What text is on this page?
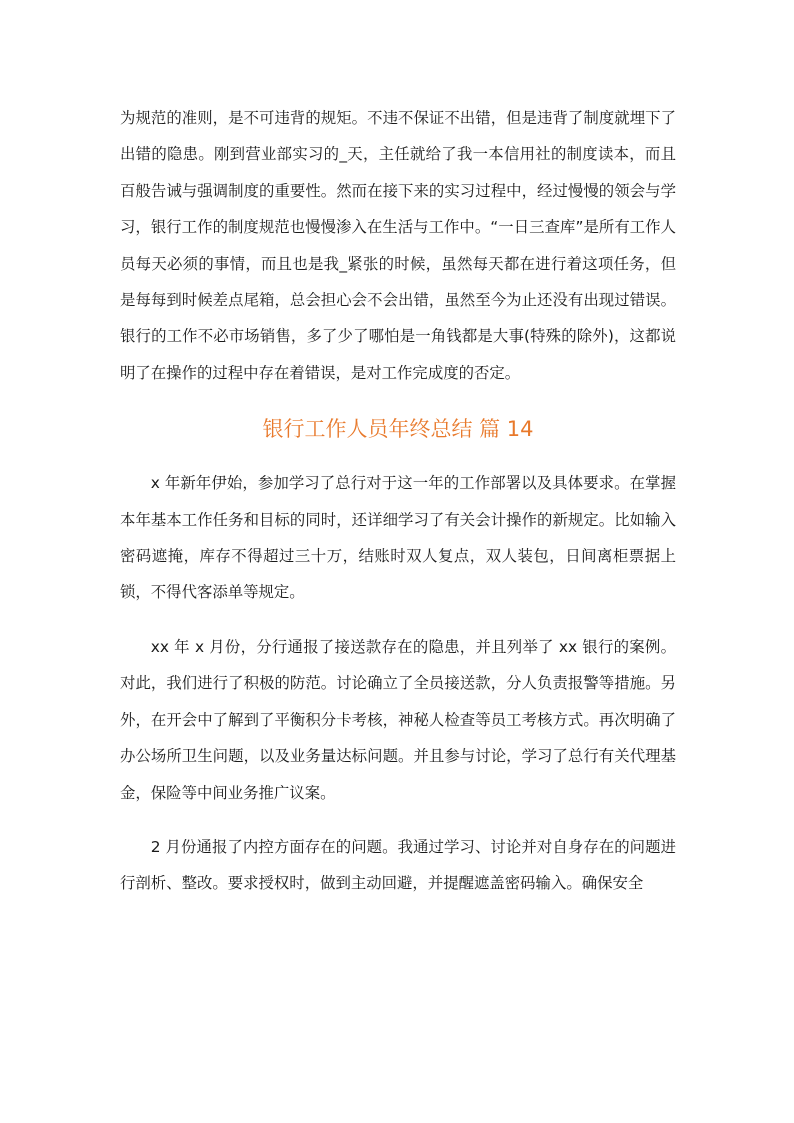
为规范的准则，是不可违背的规矩。不违不保证不出错，但是违背了制度就埋下了出错的隐患。刚到营业部实习的_天，主任就给了我一本信用社的制度读本，而且百般告诫与强调制度的重要性。然而在接下来的实习过程中，经过慢慢的领会与学习，银行工作的制度规范也慢慢渗入在生活与工作中。“一日三查库”是所有工作人员每天必须的事情，而且也是我_紧张的时候，虽然每天都在进行着这项任务，但是每每到时候差点尾箱，总会担心会不会出错，虽然至今为止还没有出现过错误。银行的工作不必市场销售，多了少了哪怕是一角钱都是大事(特殊的除外)，这都说明了在操作的过程中存在着错误，是对工作完成度的否定。

银行工作人员年终总结 篇 14

x 年新年伊始，参加学习了总行对于这一年的工作部署以及具体要求。在掌握本年基本工作任务和目标的同时，还详细学习了有关会计操作的新规定。比如输入密码遮掩，库存不得超过三十万，结账时双人复点，双人装包，日间离柜票据上锁，不得代客添单等规定。

xx 年 x 月份，分行通报了接送款存在的隐患，并且列举了 xx 银行的案例。对此，我们进行了积极的防范。讨论确立了全员接送款，分人负责报警等措施。另外，在开会中了解到了平衡积分卡考核，神秘人检查等员工考核方式。再次明确了办公场所卫生问题，以及业务量达标问题。并且参与讨论，学习了总行有关代理基金，保险等中间业务推广议案。

2 月份通报了内控方面存在的问题。我通过学习、讨论并对自身存在的问题进行剖析、整改。要求授权时，做到主动回避，并提醒遮盖密码输入。确保安全
